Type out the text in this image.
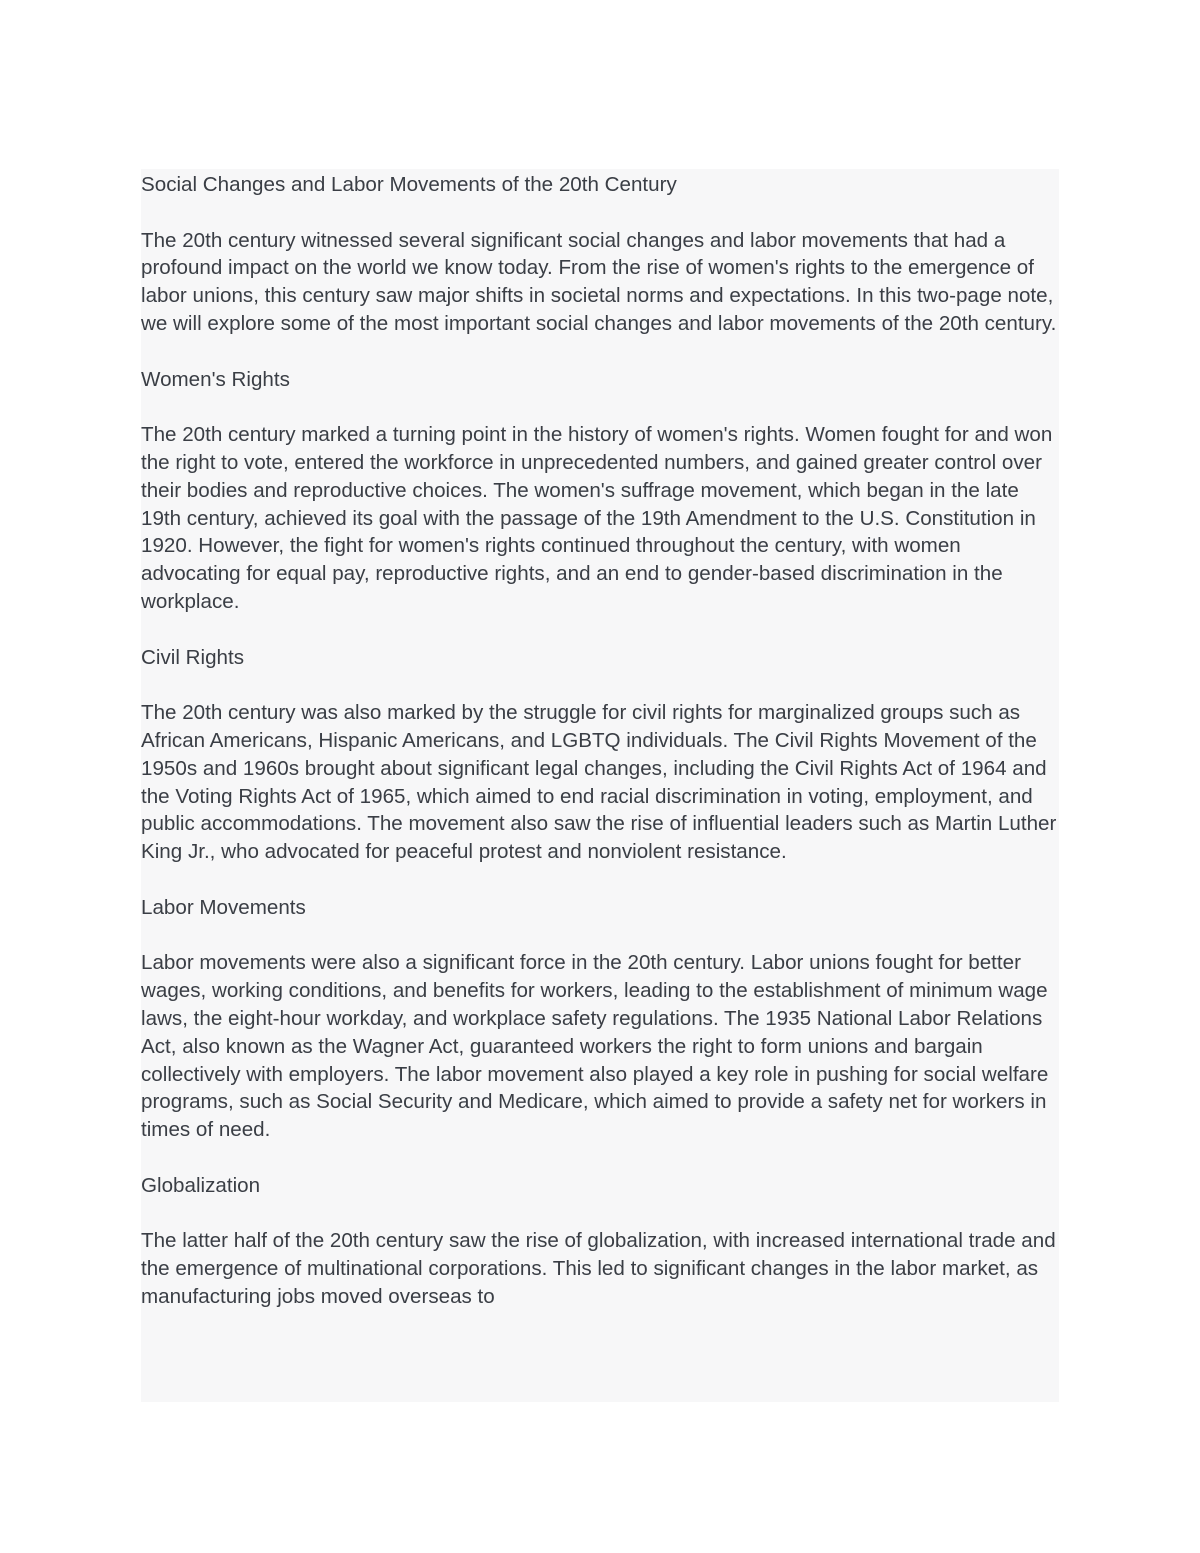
Social Changes and Labor Movements of the 20th Century

The 20th century witnessed several significant social changes and labor movements that had a profound impact on the world we know today. From the rise of women's rights to the emergence of labor unions, this century saw major shifts in societal norms and expectations. In this two-page note, we will explore some of the most important social changes and labor movements of the 20th century.

Women's Rights

The 20th century marked a turning point in the history of women's rights. Women fought for and won the right to vote, entered the workforce in unprecedented numbers, and gained greater control over their bodies and reproductive choices. The women's suffrage movement, which began in the late 19th century, achieved its goal with the passage of the 19th Amendment to the U.S. Constitution in 1920. However, the fight for women's rights continued throughout the century, with women advocating for equal pay, reproductive rights, and an end to gender-based discrimination in the workplace.

Civil Rights

The 20th century was also marked by the struggle for civil rights for marginalized groups such as African Americans, Hispanic Americans, and LGBTQ individuals. The Civil Rights Movement of the 1950s and 1960s brought about significant legal changes, including the Civil Rights Act of 1964 and the Voting Rights Act of 1965, which aimed to end racial discrimination in voting, employment, and public accommodations. The movement also saw the rise of influential leaders such as Martin Luther King Jr., who advocated for peaceful protest and nonviolent resistance.

Labor Movements

Labor movements were also a significant force in the 20th century. Labor unions fought for better wages, working conditions, and benefits for workers, leading to the establishment of minimum wage laws, the eight-hour workday, and workplace safety regulations. The 1935 National Labor Relations Act, also known as the Wagner Act, guaranteed workers the right to form unions and bargain collectively with employers. The labor movement also played a key role in pushing for social welfare programs, such as Social Security and Medicare, which aimed to provide a safety net for workers in times of need.

Globalization

The latter half of the 20th century saw the rise of globalization, with increased international trade and the emergence of multinational corporations. This led to significant changes in the labor market, as manufacturing jobs moved overseas to
